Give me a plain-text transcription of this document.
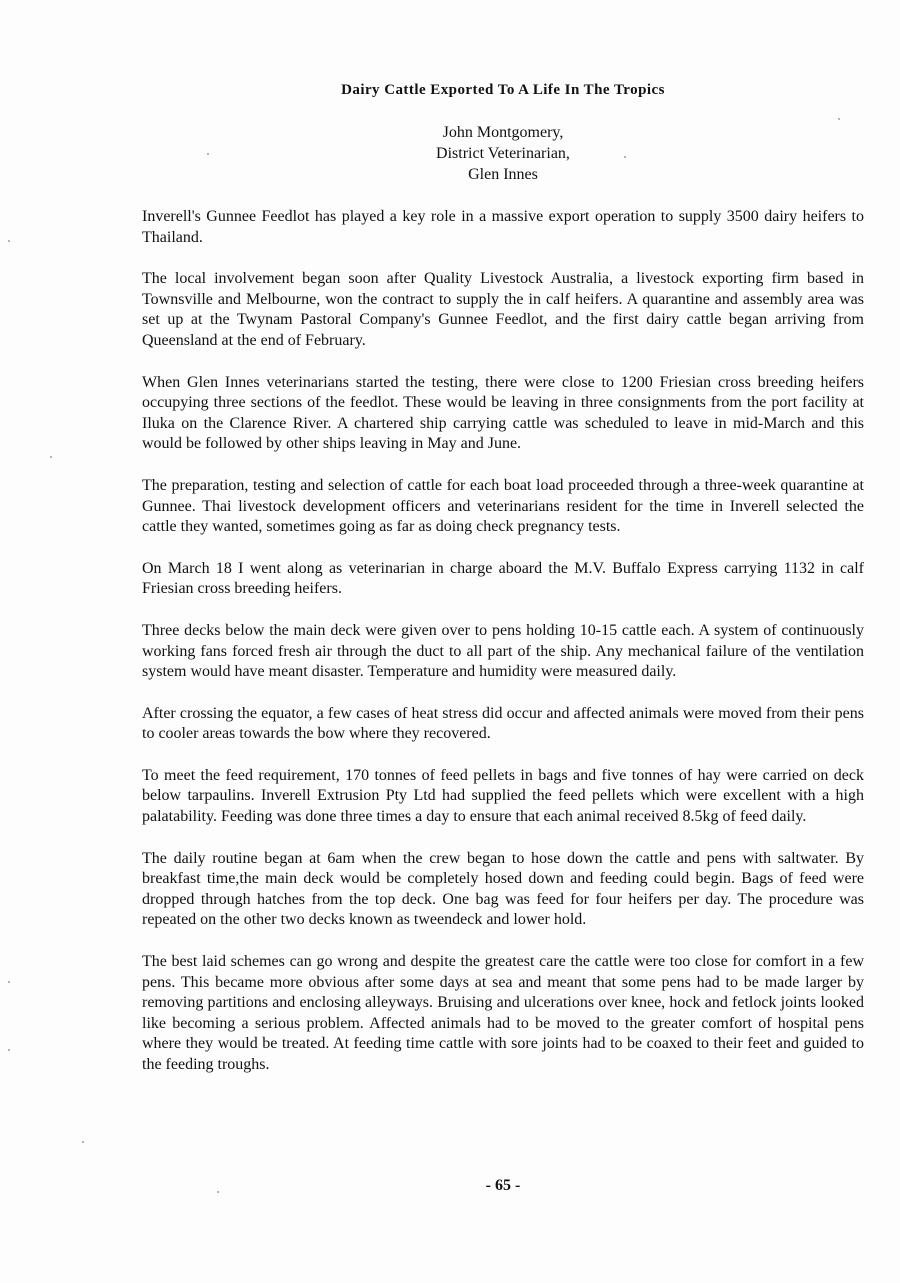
Dairy Cattle Exported To A Life In The Tropics
John Montgomery,
District Veterinarian,
Glen Innes

Inverell's Gunnee Feedlot has played a key role in a massive export operation to supply 3500 dairy heifers to Thailand.

The local involvement began soon after Quality Livestock Australia, a livestock exporting firm based in Townsville and Melbourne, won the contract to supply the in calf heifers. A quarantine and assembly area was set up at the Twynam Pastoral Company's Gunnee Feedlot, and the first dairy cattle began arriving from Queensland at the end of February.

When Glen Innes veterinarians started the testing, there were close to 1200 Friesian cross breeding heifers occupying three sections of the feedlot. These would be leaving in three consignments from the port facility at Iluka on the Clarence River. A chartered ship carrying cattle was scheduled to leave in mid-March and this would be followed by other ships leaving in May and June.

The preparation, testing and selection of cattle for each boat load proceeded through a three-week quarantine at Gunnee. Thai livestock development officers and veterinarians resident for the time in Inverell selected the cattle they wanted, sometimes going as far as doing check pregnancy tests.

On March 18 I went along as veterinarian in charge aboard the M.V. Buffalo Express carrying 1132 in calf Friesian cross breeding heifers.

Three decks below the main deck were given over to pens holding 10-15 cattle each. A system of continuously working fans forced fresh air through the duct to all part of the ship. Any mechanical failure of the ventilation system would have meant disaster. Temperature and humidity were measured daily.

After crossing the equator, a few cases of heat stress did occur and affected animals were moved from their pens to cooler areas towards the bow where they recovered.

To meet the feed requirement, 170 tonnes of feed pellets in bags and five tonnes of hay were carried on deck below tarpaulins. Inverell Extrusion Pty Ltd had supplied the feed pellets which were excellent with a high palatability. Feeding was done three times a day to ensure that each animal received 8.5kg of feed daily.

The daily routine began at 6am when the crew began to hose down the cattle and pens with saltwater. By breakfast time,the main deck would be completely hosed down and feeding could begin. Bags of feed were dropped through hatches from the top deck. One bag was feed for four heifers per day. The procedure was repeated on the other two decks known as tweendeck and lower hold.

The best laid schemes can go wrong and despite the greatest care the cattle were too close for comfort in a few pens. This became more obvious after some days at sea and meant that some pens had to be made larger by removing partitions and enclosing alleyways. Bruising and ulcerations over knee, hock and fetlock joints looked like becoming a serious problem. Affected animals had to be moved to the greater comfort of hospital pens where they would be treated. At feeding time cattle with sore joints had to be coaxed to their feet and guided to the feeding troughs.

- 65 -
